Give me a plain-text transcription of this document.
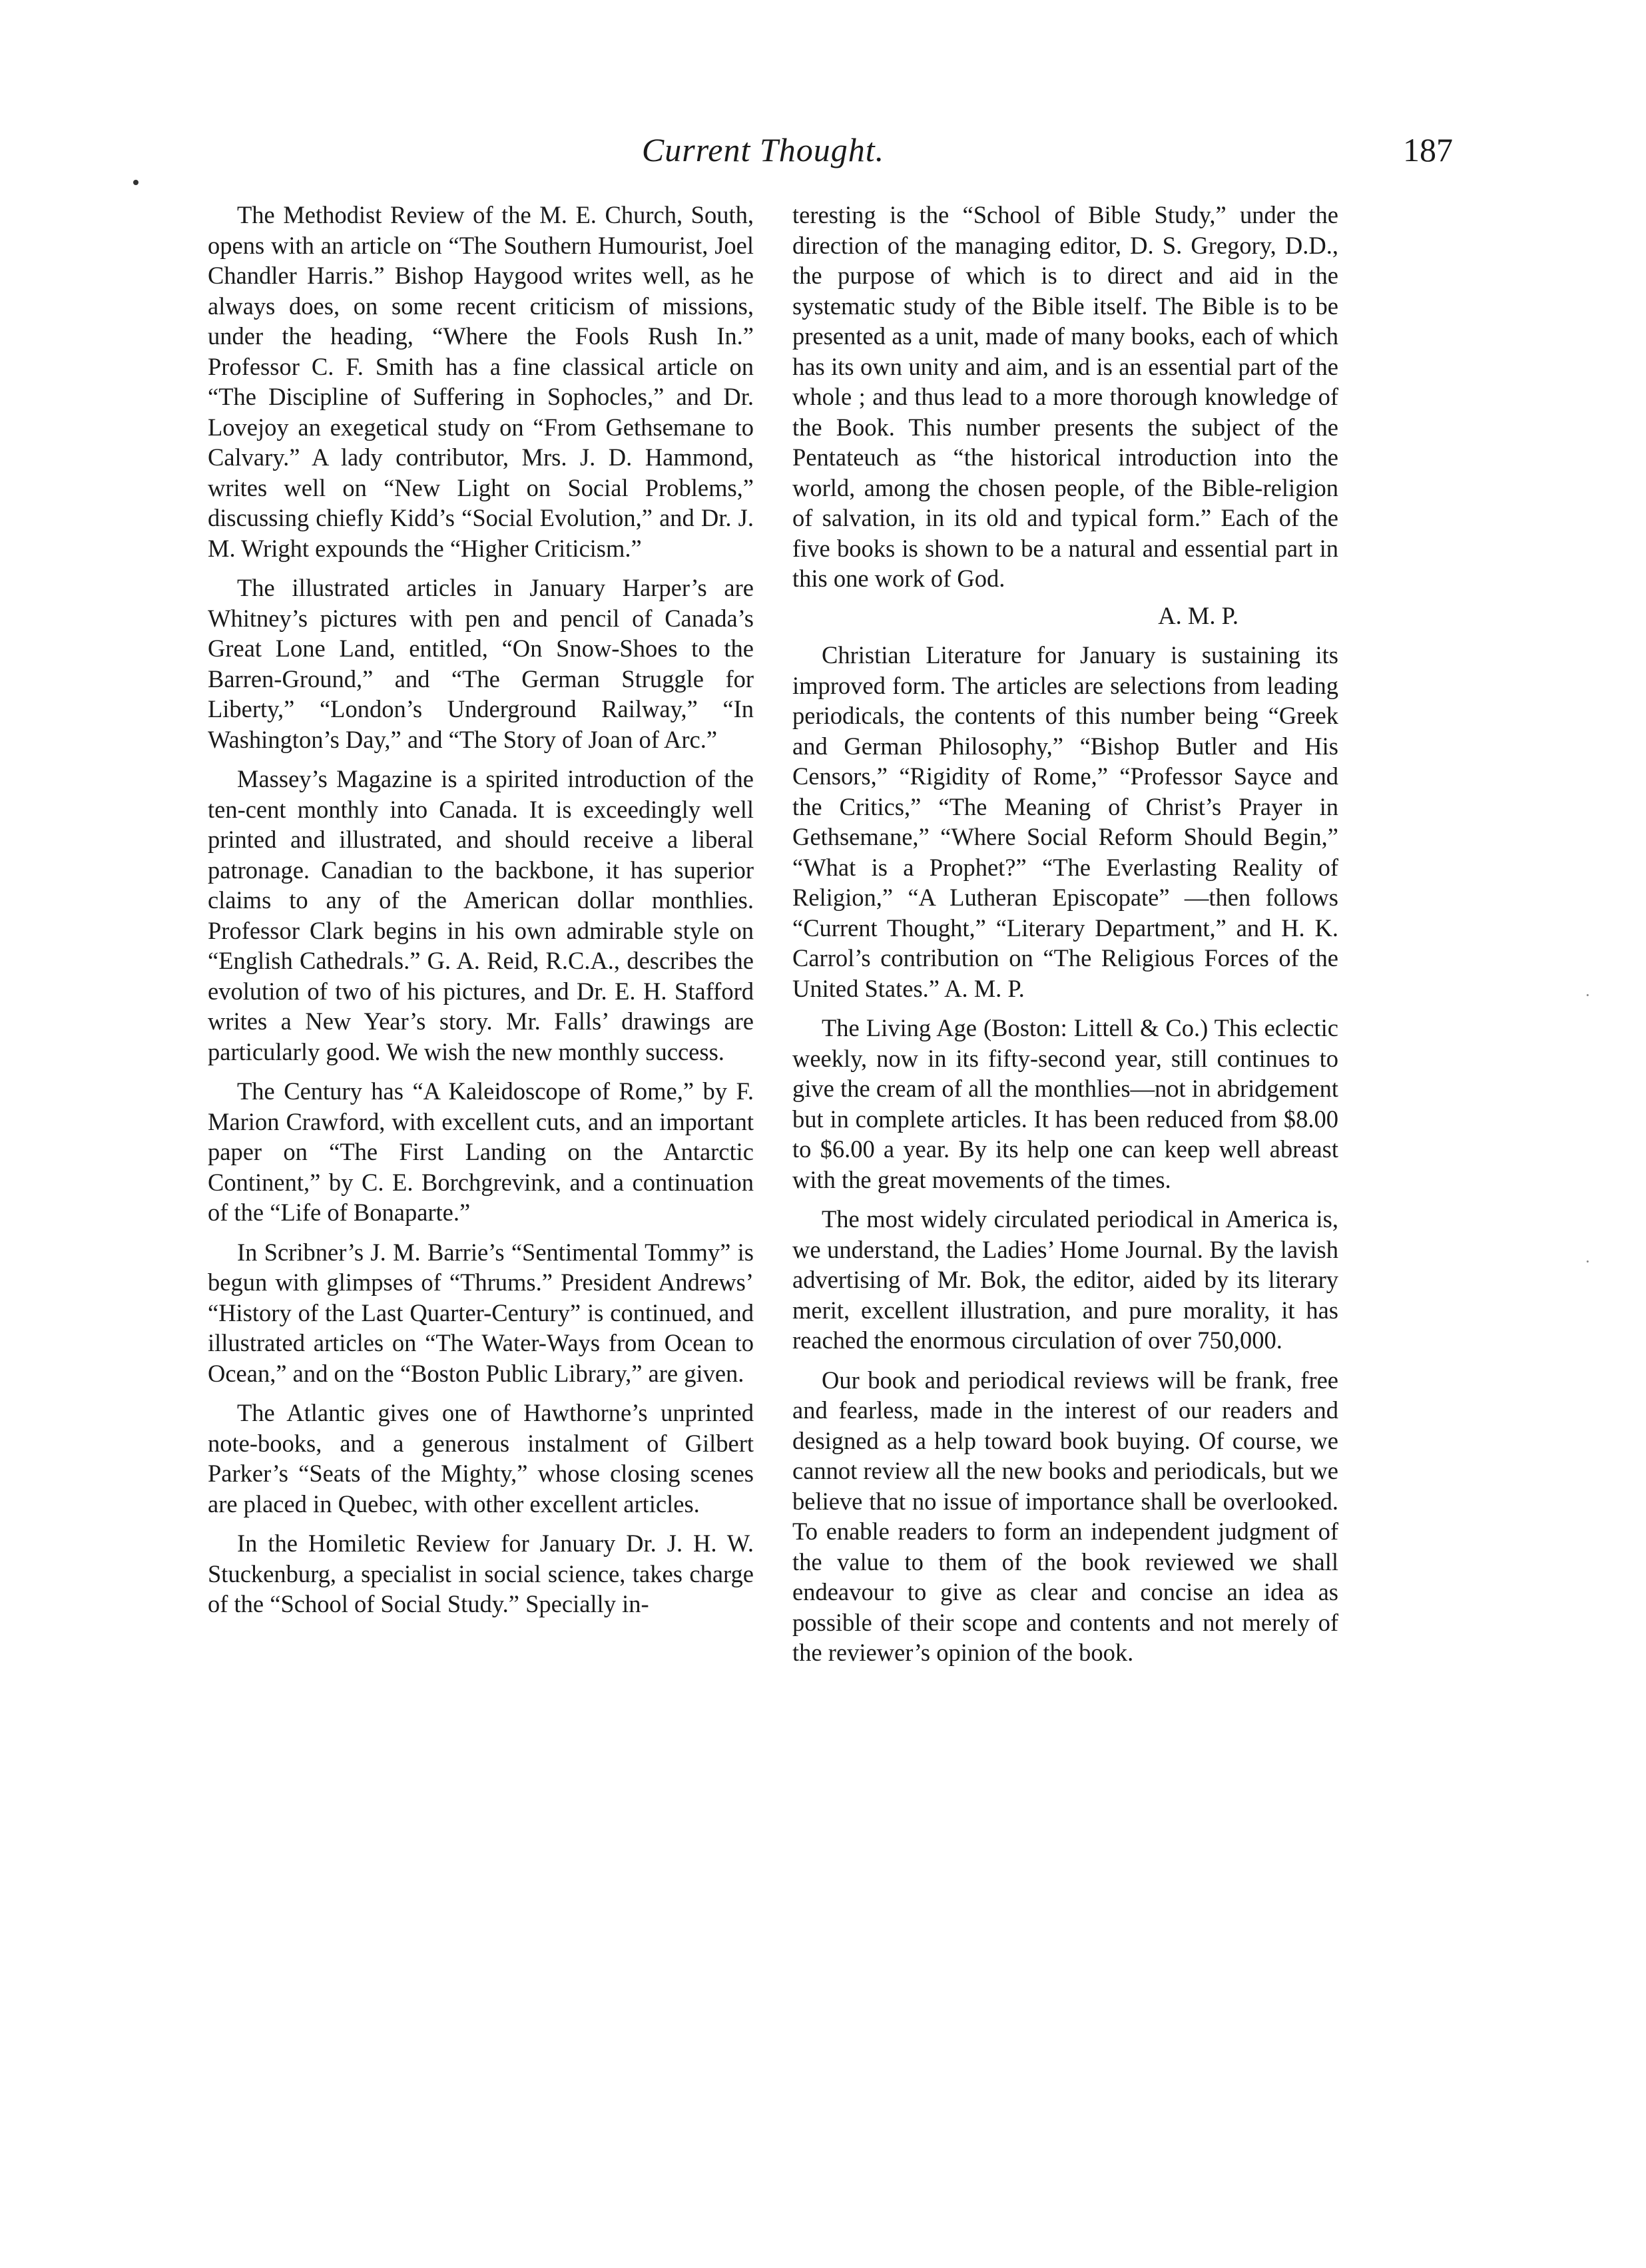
Current Thought.	187

The Methodist Review of the M. E. Church, South, opens with an article on “The Southern Humourist, Joel Chandler Harris.” Bishop Haygood writes well, as he always does, on some recent criticism of missions, under the heading, “Where the Fools Rush In.” Professor C. F. Smith has a fine classical article on “The Discipline of Suffering in Sophocles,” and Dr. Lovejoy an exegetical study on “From Gethsemane to Calvary.” A lady contributor, Mrs. J. D. Hammond, writes well on “New Light on Social Problems,” discussing chiefly Kidd’s “Social Evolution,” and Dr. J. M. Wright expounds the “Higher Criticism.”

The illustrated articles in January Harper’s are Whitney’s pictures with pen and pencil of Canada’s Great Lone Land, entitled, “On Snow-Shoes to the Barren-Ground,” and “The German Struggle for Liberty,” “London’s Underground Railway,” “In Washington’s Day,” and “The Story of Joan of Arc.”

Massey’s Magazine is a spirited introduction of the ten-cent monthly into Canada. It is exceedingly well printed and illustrated, and should receive a liberal patronage. Canadian to the backbone, it has superior claims to any of the American dollar monthlies. Professor Clark begins in his own admirable style on “English Cathedrals.” G. A. Reid, R.C.A., describes the evolution of two of his pictures, and Dr. E. H. Stafford writes a New Year’s story. Mr. Falls’ drawings are particularly good. We wish the new monthly success.

The Century has “A Kaleidoscope of Rome,” by F. Marion Crawford, with excellent cuts, and an important paper on “The First Landing on the Antarctic Continent,” by C. E. Borchgrevink, and a continuation of the “Life of Bonaparte.”

In Scribner’s J. M. Barrie’s “Sentimental Tommy” is begun with glimpses of “Thrums.” President Andrews’ “History of the Last Quarter-Century” is continued, and illustrated articles on “The Water-Ways from Ocean to Ocean,” and on the “Boston Public Library,” are given.

The Atlantic gives one of Hawthorne’s unprinted note-books, and a generous instalment of Gilbert Parker’s “Seats of the Mighty,” whose closing scenes are placed in Quebec, with other excellent articles.

In the Homiletic Review for January Dr. J. H. W. Stuckenburg, a specialist in social science, takes charge of the “School of Social Study.” Specially in-

teresting is the “School of Bible Study,” under the direction of the managing editor, D. S. Gregory, D.D., the purpose of which is to direct and aid in the systematic study of the Bible itself. The Bible is to be presented as a unit, made of many books, each of which has its own unity and aim, and is an essential part of the whole ; and thus lead to a more thorough knowledge of the Book. This number presents the subject of the Pentateuch as “the historical introduction into the world, among the chosen people, of the Bible-religion of salvation, in its old and typical form.” Each of the five books is shown to be a natural and essential part in this one work of God.

A. M. P.

Christian Literature for January is sustaining its improved form. The articles are selections from leading periodicals, the contents of this number being “Greek and German Philosophy,” “Bishop Butler and His Censors,” “Rigidity of Rome,” “Professor Sayce and the Critics,” “The Meaning of Christ’s Prayer in Gethsemane,” “Where Social Reform Should Begin,” “What is a Prophet?” “The Everlasting Reality of Religion,” “A Lutheran Episcopate” —then follows “Current Thought,” “Literary Department,” and H. K. Carrol’s contribution on “The Religious Forces of the United States.” A. M. P.

The Living Age (Boston: Littell & Co.) This eclectic weekly, now in its fifty-second year, still continues to give the cream of all the monthlies—not in abridgement but in complete articles. It has been reduced from $8.00 to $6.00 a year. By its help one can keep well abreast with the great movements of the times.

The most widely circulated periodical in America is, we understand, the Ladies’ Home Journal. By the lavish advertising of Mr. Bok, the editor, aided by its literary merit, excellent illustration, and pure morality, it has reached the enormous circulation of over 750,000.

Our book and periodical reviews will be frank, free and fearless, made in the interest of our readers and designed as a help toward book buying. Of course, we cannot review all the new books and periodicals, but we believe that no issue of importance shall be overlooked. To enable readers to form an independent judgment of the value to them of the book reviewed we shall endeavour to give as clear and concise an idea as possible of their scope and contents and not merely of the reviewer’s opinion of the book.

·
·
